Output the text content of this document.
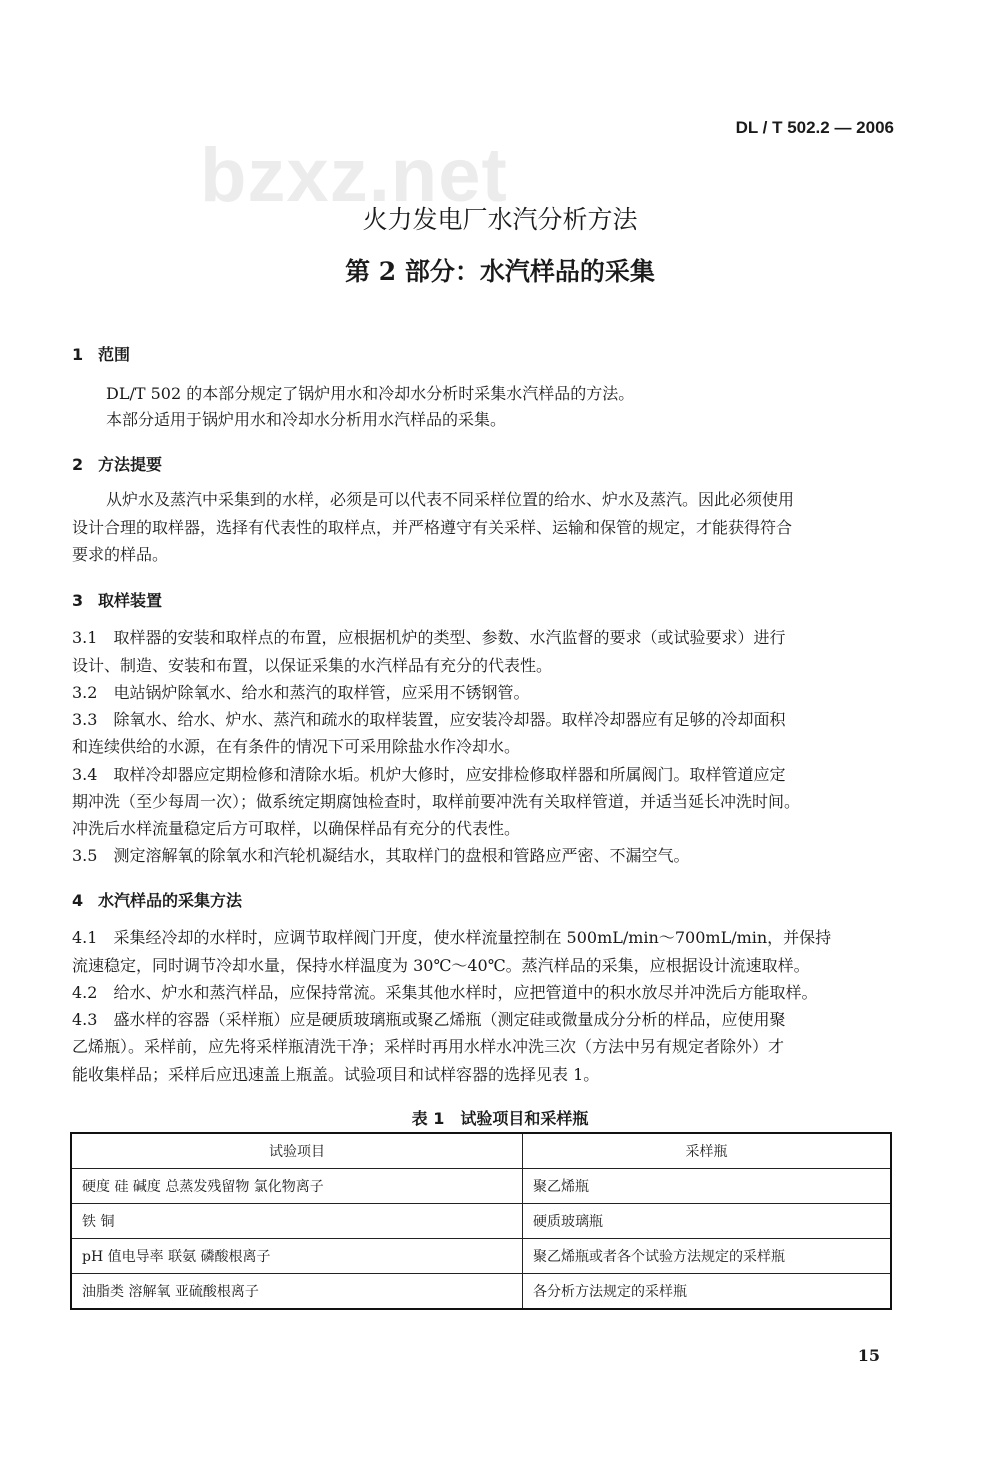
bzxz.net
DL / T 502.2 — 2006
火力发电厂水汽分析方法
第 2 部分：水汽样品的采集
1 范围
DL/T 502 的本部分规定了锅炉用水和冷却水分析时采集水汽样品的方法。
本部分适用于锅炉用水和冷却水分析用水汽样品的采集。
2 方法提要
从炉水及蒸汽中采集到的水样，必须是可以代表不同采样位置的给水、炉水及蒸汽。因此必须使用
设计合理的取样器，选择有代表性的取样点，并严格遵守有关采样、运输和保管的规定，才能获得符合
要求的样品。
3 取样装置
3.1　取样器的安装和取样点的布置，应根据机炉的类型、参数、水汽监督的要求（或试验要求）进行
设计、制造、安装和布置，以保证采集的水汽样品有充分的代表性。
3.2　电站锅炉除氧水、给水和蒸汽的取样管，应采用不锈钢管。
3.3　除氧水、给水、炉水、蒸汽和疏水的取样装置，应安装冷却器。取样冷却器应有足够的冷却面积
和连续供给的水源，在有条件的情况下可采用除盐水作冷却水。
3.4　取样冷却器应定期检修和清除水垢。机炉大修时，应安排检修取样器和所属阀门。取样管道应定
期冲洗（至少每周一次）；做系统定期腐蚀检查时，取样前要冲洗有关取样管道，并适当延长冲洗时间。
冲洗后水样流量稳定后方可取样，以确保样品有充分的代表性。
3.5　测定溶解氧的除氧水和汽轮机凝结水，其取样门的盘根和管路应严密、不漏空气。
4 水汽样品的采集方法
4.1　采集经冷却的水样时，应调节取样阀门开度，使水样流量控制在 500mL/min～700mL/min，并保持
流速稳定，同时调节冷却水量，保持水样温度为 30℃～40℃。蒸汽样品的采集，应根据设计流速取样。
4.2　给水、炉水和蒸汽样品，应保持常流。采集其他水样时，应把管道中的积水放尽并冲洗后方能取样。
4.3　盛水样的容器（采样瓶）应是硬质玻璃瓶或聚乙烯瓶（测定硅或微量成分分析的样品，应使用聚
乙烯瓶）。采样前，应先将采样瓶清洗干净；采样时再用水样水冲洗三次（方法中另有规定者除外）才
能收集样品；采样后应迅速盖上瓶盖。试验项目和试样容器的选择见表 1。
表 1　试验项目和采样瓶
试验项目	采样瓶
硬度 硅 碱度 总蒸发残留物 氯化物离子	聚乙烯瓶
铁 铜	硬质玻璃瓶
pH 值电导率 联氨 磷酸根离子	聚乙烯瓶或者各个试验方法规定的采样瓶
油脂类 溶解氧 亚硫酸根离子	各分析方法规定的采样瓶
15
